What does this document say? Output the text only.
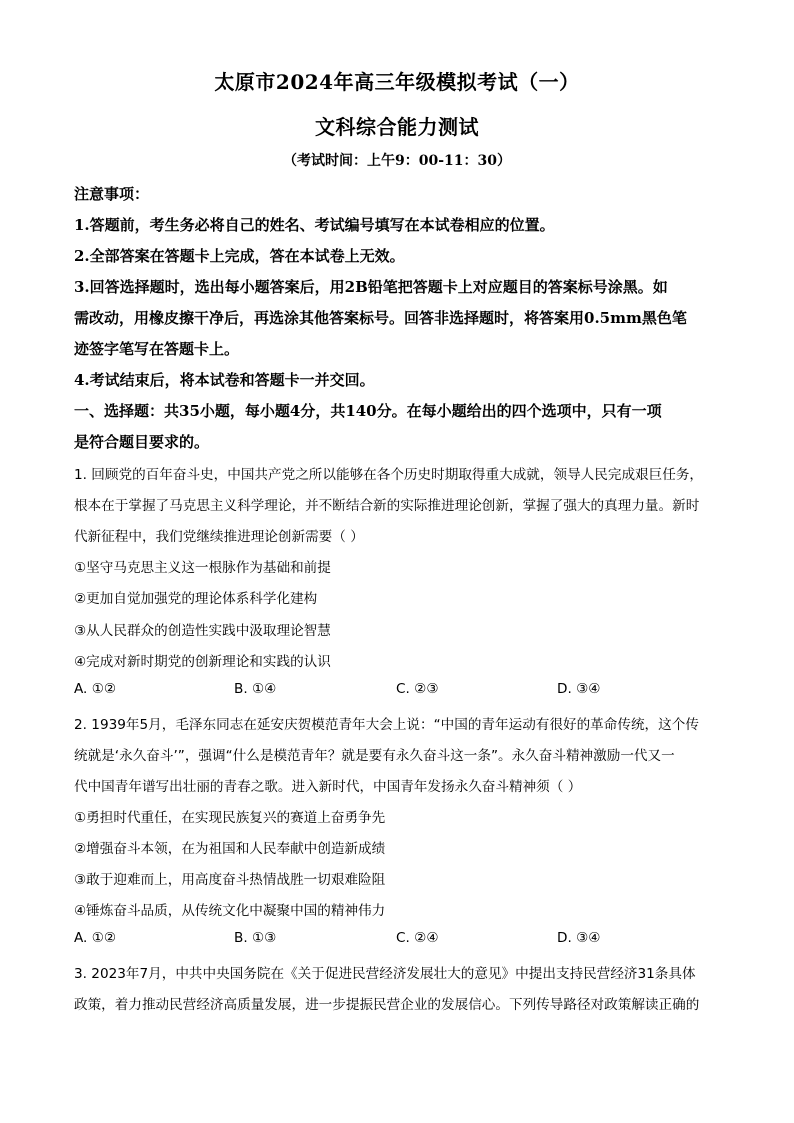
太原市2024年高三年级模拟考试（一）
文科综合能力测试
（考试时间：上午9：00-11：30）
注意事项：
1.答题前，考生务必将自己的姓名、考试编号填写在本试卷相应的位置。
2.全部答案在答题卡上完成，答在本试卷上无效。
3.回答选择题时，选出每小题答案后，用2B铅笔把答题卡上对应题目的答案标号涂黑。如
需改动，用橡皮擦干净后，再选涂其他答案标号。回答非选择题时，将答案用0.5mm黑色笔
迹签字笔写在答题卡上。
4.考试结束后，将本试卷和答题卡一并交回。
一、选择题：共35小题，每小题4分，共140分。在每小题给出的四个选项中，只有一项
是符合题目要求的。
1. 回顾党的百年奋斗史，中国共产党之所以能够在各个历史时期取得重大成就，领导人民完成艰巨任务，
根本在于掌握了马克思主义科学理论，并不断结合新的实际推进理论创新，掌握了强大的真理力量。新时
代新征程中，我们党继续推进理论创新需要（ ）
①坚守马克思主义这一根脉作为基础和前提
②更加自觉加强党的理论体系科学化建构
③从人民群众的创造性实践中汲取理论智慧
④完成对新时期党的创新理论和实践的认识
A. ①②	B. ①④	C. ②③	D. ③④
2. 1939年5月，毛泽东同志在延安庆贺模范青年大会上说：“中国的青年运动有很好的革命传统，这个传
统就是‘永久奋斗’”，强调“什么是模范青年？就是要有永久奋斗这一条”。永久奋斗精神激励一代又一
代中国青年谱写出壮丽的青春之歌。进入新时代，中国青年发扬永久奋斗精神须（ ）
①勇担时代重任，在实现民族复兴的赛道上奋勇争先
②增强奋斗本领，在为祖国和人民奉献中创造新成绩
③敢于迎难而上，用高度奋斗热情战胜一切艰难险阻
④锤炼奋斗品质，从传统文化中凝聚中国的精神伟力
A. ①②	B. ①③	C. ②④	D. ③④
3. 2023年7月，中共中央国务院在《关于促进民营经济发展壮大的意见》中提出支持民营经济31条具体
政策，着力推动民营经济高质量发展，进一步提振民营企业的发展信心。下列传导路径对政策解读正确的
